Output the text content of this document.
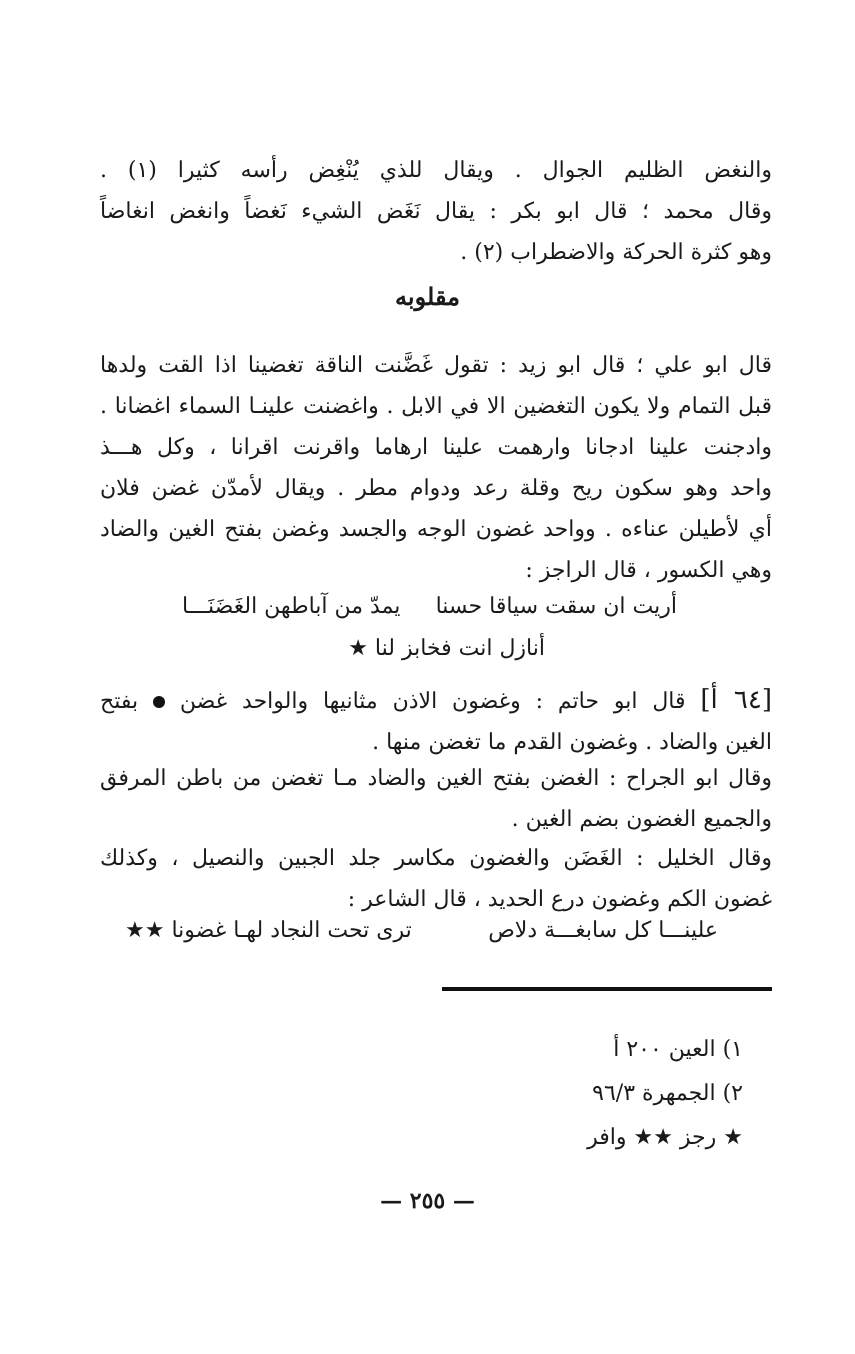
والنغض الظليم الجوال . ويقال للذي يُنْغِض رأسه كثيرا (١) .
وقال محمد ؛ قال ابو بكر : يقال نَغَض الشيء نَغضاً وانغض انغاضاً
وهو كثرة الحركة والاضطراب (٢) .
مقلوبه
قال ابو علي ؛ قال ابو زيد : تقول غَضَّنت الناقة تغضينا اذا القت ولدها
قبل التمام ولا يكون التغضين الا في الابل . واغضنت علينـا السماء اغضانا .
وادجنت علينا ادجانا وارهمت علينا ارهاما واقرنت اقرانا ، وكل هـــذ
واحد وهو سكون ريح وقلة رعد ودوام مطر . ويقال لأمدّن غضن فلان
أي لأطيلن عناءه . وواحد غضون الوجه والجسد وغضن بفتح الغين والضاد
وهي الكسور ، قال الراجز :
أريت ان سقت سياقا حسنا
يمدّ من آباطهن الغَضَنَـــا
أنازل انت فخابز لنا ★
[٦٤ أ] قال ابو حاتم : وغضون الاذن مثانيها والواحد غضن  بفتح
الغين والضاد . وغضون القدم ما تغضن منها .
وقال ابو الجراح : الغضن بفتح الغين والضاد مـا تغضن من باطن المرفق
والجميع الغضون بضم الغين .
وقال الخليل : الغَضَن والغضون مكاسر جلد الجبين والنصيل ، وكذلك
غضون الكم وغضون درع الحديد ، قال الشاعر :
علينـــا كل سابغـــة دلاص
ترى تحت النجاد لهـا غضونا ★★
١) العين ٢٠٠ أ
٢) الجمهرة ٩٦/٣
★ رجز ★★ وافر
— ٢٥٥ —
